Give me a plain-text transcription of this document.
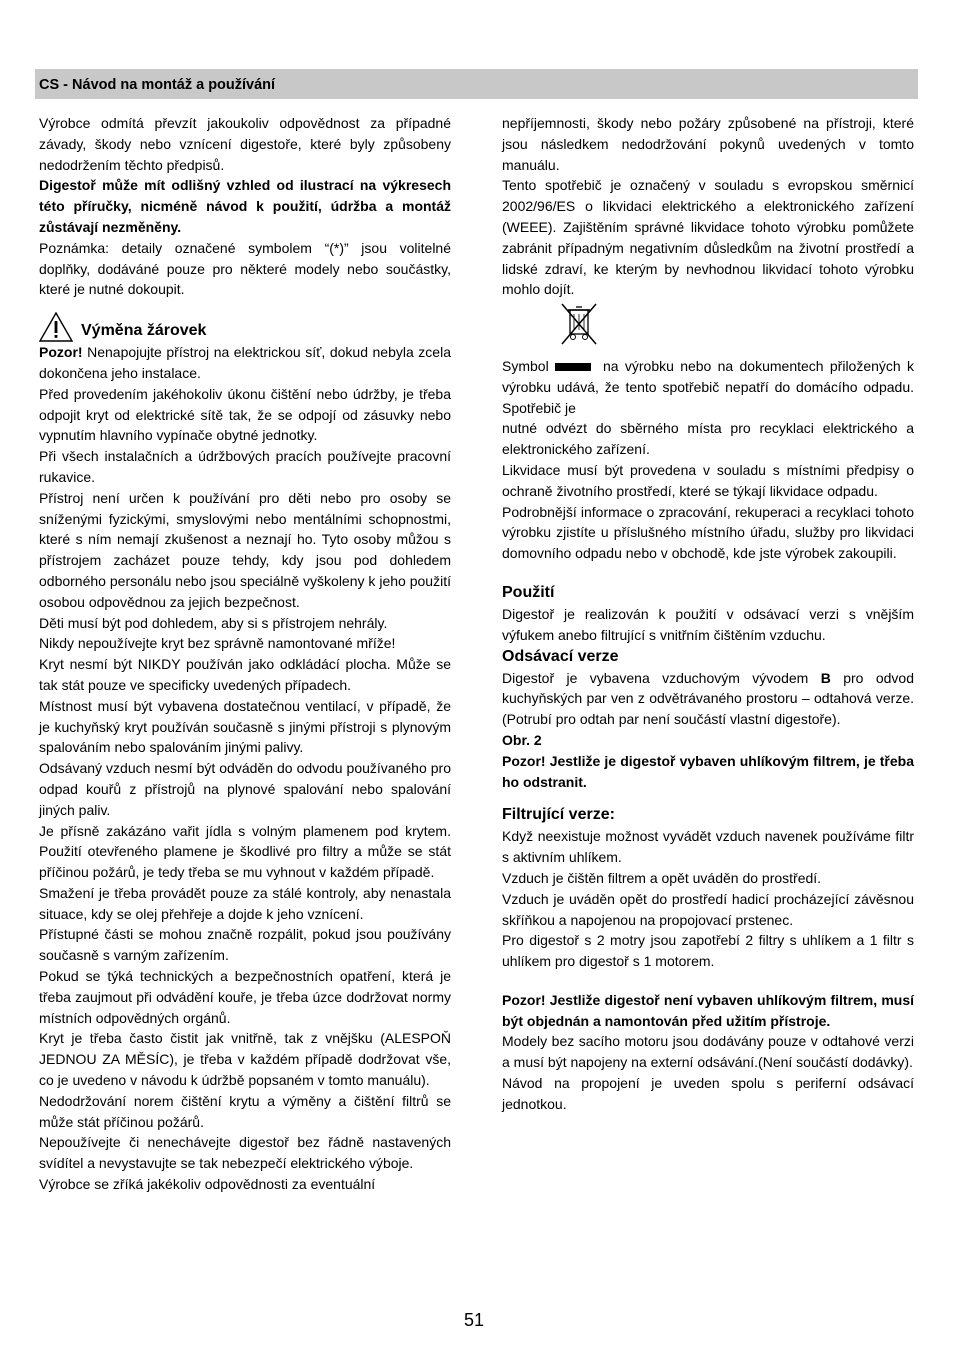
CS - Návod na montáž a používání

Výrobce odmítá převzít jakoukoliv odpovědnost za případné závady, škody nebo vznícení digestoře, které byly způsobeny nedodržením těchto předpisů.

Digestoř může mít odlišný vzhled od ilustrací na výkresech této příručky, nicméně návod k použití, údržba a montáž zůstávají nezměněny.

Poznámka: detaily označené symbolem “(*)” jsou volitelné doplňky, dodáváné pouze pro některé modely nebo součástky, které je nutné dokoupit.

Výměna žárovek

Pozor! Nenapojujte přístroj na elektrickou síť, dokud nebyla zcela dokončena jeho instalace.

Před provedením jakéhokoliv úkonu čištění nebo údržby, je třeba odpojit kryt od elektrické sítě tak, že se odpojí od zásuvky nebo vypnutím hlavního vypínače obytné jednotky.

Při všech instalačních a údržbových pracích používejte pracovní rukavice.

Přístroj není určen k používání pro děti nebo pro osoby se sníženými fyzickými, smyslovými nebo mentálními schopnostmi, které s ním nemají zkušenost a neznají ho. Tyto osoby můžou s přístrojem zacházet pouze tehdy, kdy jsou pod dohledem odborného personálu nebo jsou speciálně vyškoleny k jeho použití osobou odpovědnou za jejich bezpečnost.

Děti musí být pod dohledem, aby si s přístrojem nehrály.

Nikdy nepoužívejte kryt bez správně namontované mříže!

Kryt nesmí být NIKDY používán jako odkládácí plocha. Může se tak stát pouze ve specificky uvedených případech.

Místnost musí být vybavena dostatečnou ventilací, v případě, že je kuchyňský kryt používán současně s jinými přístroji s plynovým spalováním nebo spalováním jinými palivy.

Odsávaný vzduch nesmí být odváděn do odvodu používaného pro odpad kouřů z přístrojů na plynové spalování nebo spalování jiných paliv.

Je přísně zakázáno vařit jídla s volným plamenem pod krytem. Použití otevřeného plamene je škodlivé pro filtry a může se stát příčinou požárů, je tedy třeba se mu vyhnout v každém případě.

Smažení je třeba provádět pouze za stálé kontroly, aby nenastala situace, kdy se olej přehřeje a dojde k jeho vznícení.

Přístupné části se mohou značně rozpálit, pokud jsou používány současně s varným zařízením.

Pokud se týká technických a bezpečnostních opatření, která je třeba zaujmout při odvádění kouře, je třeba úzce dodržovat normy místních odpovědných orgánů.

Kryt je třeba často čistit jak vnitřně, tak z vnějšku (ALESPOŇ JEDNOU ZA MĚSÍC), je třeba v každém případě dodržovat vše, co je uvedeno v návodu k údržbě popsaném v tomto manuálu).

Nedodržování norem čištění krytu a výměny a čištění filtrů se může stát příčinou požárů.

Nepoužívejte či nenechávejte digestoř bez řádně nastavených svídítel a nevystavujte se tak nebezpečí elektrického výboje.

Výrobce se zříká jakékoliv odpovědnosti za eventuální

nepříjemnosti, škody nebo požáry způsobené na přístroji, které jsou následkem nedodržování pokynů uvedených v tomto manuálu.

Tento spotřebič je označený v souladu s evropskou směrnicí 2002/96/ES o likvidaci elektrického a elektronického zařízení (WEEE). Zajištěním správné likvidace tohoto výrobku pomůžete zabránit případným negativním důsledkům na životní prostředí a lidské zdraví, ke kterým by nevhodnou likvidací tohoto výrobku mohlo dojít.

Symbol	na výrobku nebo na dokumentech přiložených k výrobku udává, že tento spotřebič nepatří do domácího odpadu. Spotřebič je

nutné odvézt do sběrného místa pro recyklaci elektrického a elektronického zařízení.

Likvidace musí být provedena v souladu s místními předpisy o ochraně životního prostředí, které se týkají likvidace odpadu.

Podrobnější informace o zpracování, rekuperaci a recyklaci tohoto výrobku zjistíte u příslušného místního úřadu, služby pro likvidaci domovního odpadu nebo v obchodě, kde jste výrobek zakoupili.

Použití

Digestoř je realizován k použití v odsávací verzi s vnějším výfukem anebo filtrující s vnitřním čištěním vzduchu.

Odsávací verze

Digestoř je vybavena vzduchovým vývodem B pro odvod kuchyňských par ven z odvětrávaného prostoru – odtahová verze.(Potrubí pro odtah par není součástí vlastní digestoře).

Obr. 2

Pozor! Jestliže je digestoř vybaven uhlíkovým filtrem, je třeba ho odstranit.

Filtrující verze:

Když neexistuje možnost vyvádět vzduch navenek používáme filtr s aktivním uhlíkem.

Vzduch je čištěn filtrem a opět uváděn do prostředí.

Vzduch je uváděn opět do prostředí hadicí procházející závěsnou skříňkou a napojenou na propojovací prstenec.

Pro digestoř s 2 motry jsou zapotřebí 2 filtry s uhlíkem a 1 filtr s uhlíkem pro digestoř s 1 motorem.

Pozor! Jestliže digestoř není vybaven uhlíkovým filtrem, musí být objednán a namontován před užitím přístroje.

Modely bez sacího motoru jsou dodávány pouze v odtahové verzi a musí být napojeny na externí odsávání.(Není součástí dodávky).

Návod na propojení je uveden spolu s periferní odsávací jednotkou.

51
